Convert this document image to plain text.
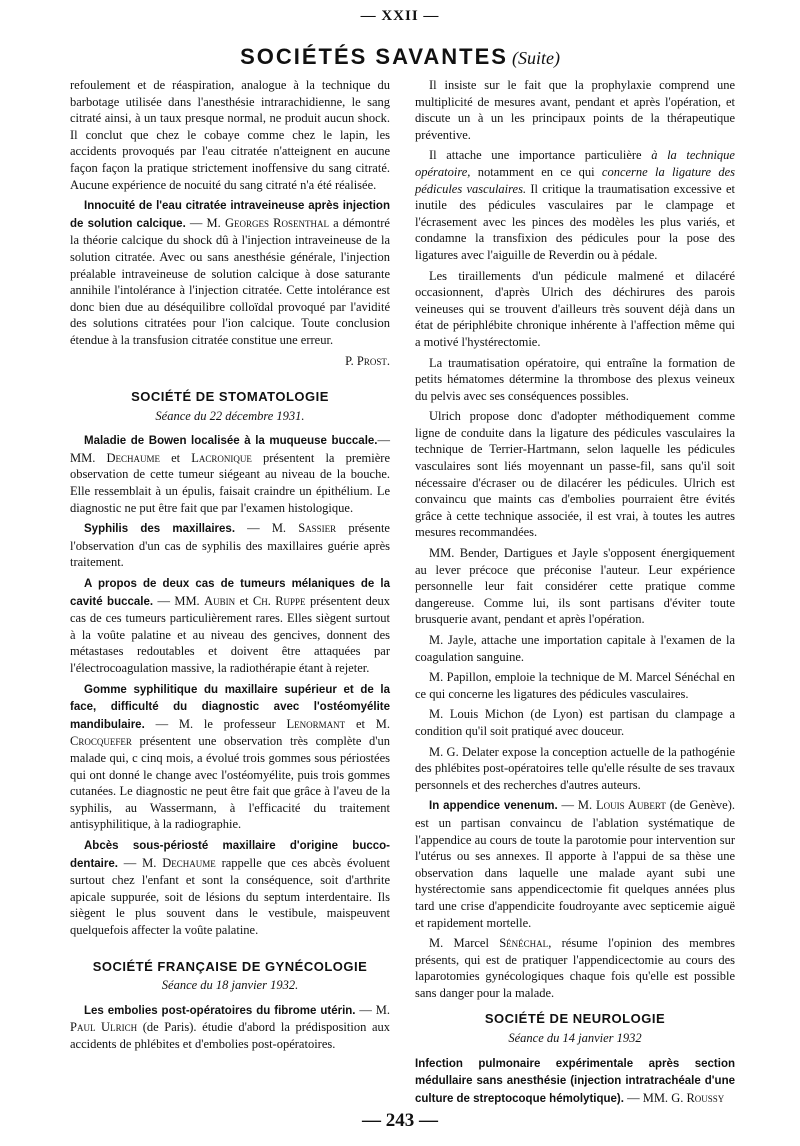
— XXII —
SOCIÉTÉS SAVANTES (Suite)

refoulement et de réaspiration, analogue à la technique du barbotage utilisée dans l'anesthésie intrarachidienne, le sang citraté ainsi, à un taux presque normal, ne produit aucun shock. Il conclut que chez le cobaye comme chez le lapin, les accidents provoqués par l'eau citratée n'atteignent en aucune façon façon la pratique strictement inoffensive du sang citraté. Aucune expérience de nocuité du sang citraté n'a été réalisée.

Innocuité de l'eau citratée intraveineuse après injection de solution calcique. — M. Georges Rosenthal a démontré la théorie calcique du shock dû à l'injection intraveineuse de la solution citratée. Avec ou sans anesthésie générale, l'injection préalable intraveineuse de solution calcique à dose saturante annihile l'intolérance à l'injection citratée. Cette intolérance est donc bien due au déséquilibre colloïdal provoqué par l'avidité des solutions citratées pour l'ion calcique. Toute conclusion étendue à la transfusion citratée constitue une erreur.

P. Prost.

SOCIÉTÉ DE STOMATOLOGIE

Séance du 22 décembre 1931.

Maladie de Bowen localisée à la muqueuse buccale.— MM. Dechaume et Lacronique présentent la première observation de cette tumeur siégeant au niveau de la bouche. Elle ressemblait à un épulis, faisait craindre un épithélium. Le diagnostic ne put être fait que par l'examen histologique.

Syphilis des maxillaires. — M. Sassier présente l'observation d'un cas de syphilis des maxillaires guérie après traitement.

A propos de deux cas de tumeurs mélaniques de la cavité buccale. — MM. Aubin et Ch. Ruppe présentent deux cas de ces tumeurs particulièrement rares. Elles siègent surtout à la voûte palatine et au niveau des gencives, donnent des métastases redoutables et doivent être attaquées par l'électrocoagulation massive, la radiothérapie étant à rejeter.

Gomme syphilitique du maxillaire supérieur et de la face, difficulté du diagnostic avec l'ostéomyélite mandibulaire. — M. le professeur Lenormant et M. Crocquefer présentent une observation très complète d'un malade qui, c cinq mois, a évolué trois gommes sous périostées qui ont donné le change avec l'ostéomyélite, puis trois gommes cutanées. Le diagnostic ne peut être fait que grâce à l'aveu de la syphilis, au Wassermann, à l'efficacité du traitement antisyphilitique, à la radiographie.

Abcès sous-périosté maxillaire d'origine bucco-dentaire. — M. Dechaume rappelle que ces abcès évoluent surtout chez l'enfant et sont la conséquence, soit d'arthrite apicale suppurée, soit de lésions du septum interdentaire. Ils siègent le plus souvent dans le vestibule, maispeuvent quelquefois affecter la voûte palatine.

SOCIÉTÉ FRANÇAISE DE GYNÉCOLOGIE

Séance du 18 janvier 1932.

Les embolies post-opératoires du fibrome utérin. — M. Paul Ulrich (de Paris). étudie d'abord la prédisposition aux accidents de phlébites et d'embolies post-opératoires.

Il insiste sur le fait que la prophylaxie comprend une multiplicité de mesures avant, pendant et après l'opération, et discute un à un les principaux points de la thérapeutique préventive.

Il attache une importance particulière à la technique opératoire, notamment en ce qui concerne la ligature des pédicules vasculaires. Il critique la traumatisation excessive et inutile des pédicules vasculaires par le clampage et l'écrasement avec les pinces des modèles les plus variés, et condamne la transfixion des pédicules pour la pose des ligatures avec l'aiguille de Reverdin ou à pédale.

Les tiraillements d'un pédicule malmené et dilacéré occasionnent, d'après Ulrich des déchirures des parois veineuses qui se trouvent d'ailleurs très souvent déjà dans un état de périphlébite chronique inhérente à l'affection même qui a motivé l'hystérectomie.

La traumatisation opératoire, qui entraîne la formation de petits hématomes détermine la thrombose des plexus veineux du pelvis avec ses conséquences possibles.

Ulrich propose donc d'adopter méthodiquement comme ligne de conduite dans la ligature des pédicules vasculaires la technique de Terrier-Hartmann, selon laquelle les pédicules vasculaires sont liés moyennant un passe-fil, sans qu'il soit nécessaire d'écraser ou de dilacérer les pédicules. Ulrich est convaincu que maints cas d'embolies pourraient être évités grâce à cette technique associée, il est vrai, à toutes les autres mesures recommandées.

MM. Bender, Dartigues et Jayle s'opposent énergiquement au lever précoce que préconise l'auteur. Leur expérience personnelle leur fait considérer cette pratique comme dangereuse. Comme lui, ils sont partisans d'éviter toute brusquerie avant, pendant et après l'opération.

M. Jayle, attache une importation capitale à l'examen de la coagulation sanguine.

M. Papillon, emploie la technique de M. Marcel Sénéchal en ce qui concerne les ligatures des pédicules vasculaires.

M. Louis Michon (de Lyon) est partisan du clampage a condition qu'il soit pratiqué avec douceur.

M. G. Delater expose la conception actuelle de la pathogénie des phlébites post-opératoires telle qu'elle résulte de ses travaux personnels et des recherches d'autres auteurs.

In appendice venenum. — M. Louis Aubert (de Genève). est un partisan convaincu de l'ablation systématique de l'appendice au cours de toute la parotomie pour intervention sur l'utérus ou ses annexes. Il apporte à l'appui de sa thèse une observation dans laquelle une malade ayant subi une hystérectomie sans appendicectomie fit quelques années plus tard une crise d'appendicite foudroyante avec septicemie aiguë et rapidement mortelle.

M. Marcel Sénéchal, résume l'opinion des membres présents, qui est de pratiquer l'appendicectomie au cours des laparotomies gynécologiques chaque fois qu'elle est possible sans danger pour la malade.

SOCIÉTÉ DE NEUROLOGIE

Séance du 14 janvier 1932

Infection pulmonaire expérimentale après section médullaire sans anesthésie (injection intratrachéale d'une culture de streptocoque hémolytique). — MM. G. Roussy

— 243 —
